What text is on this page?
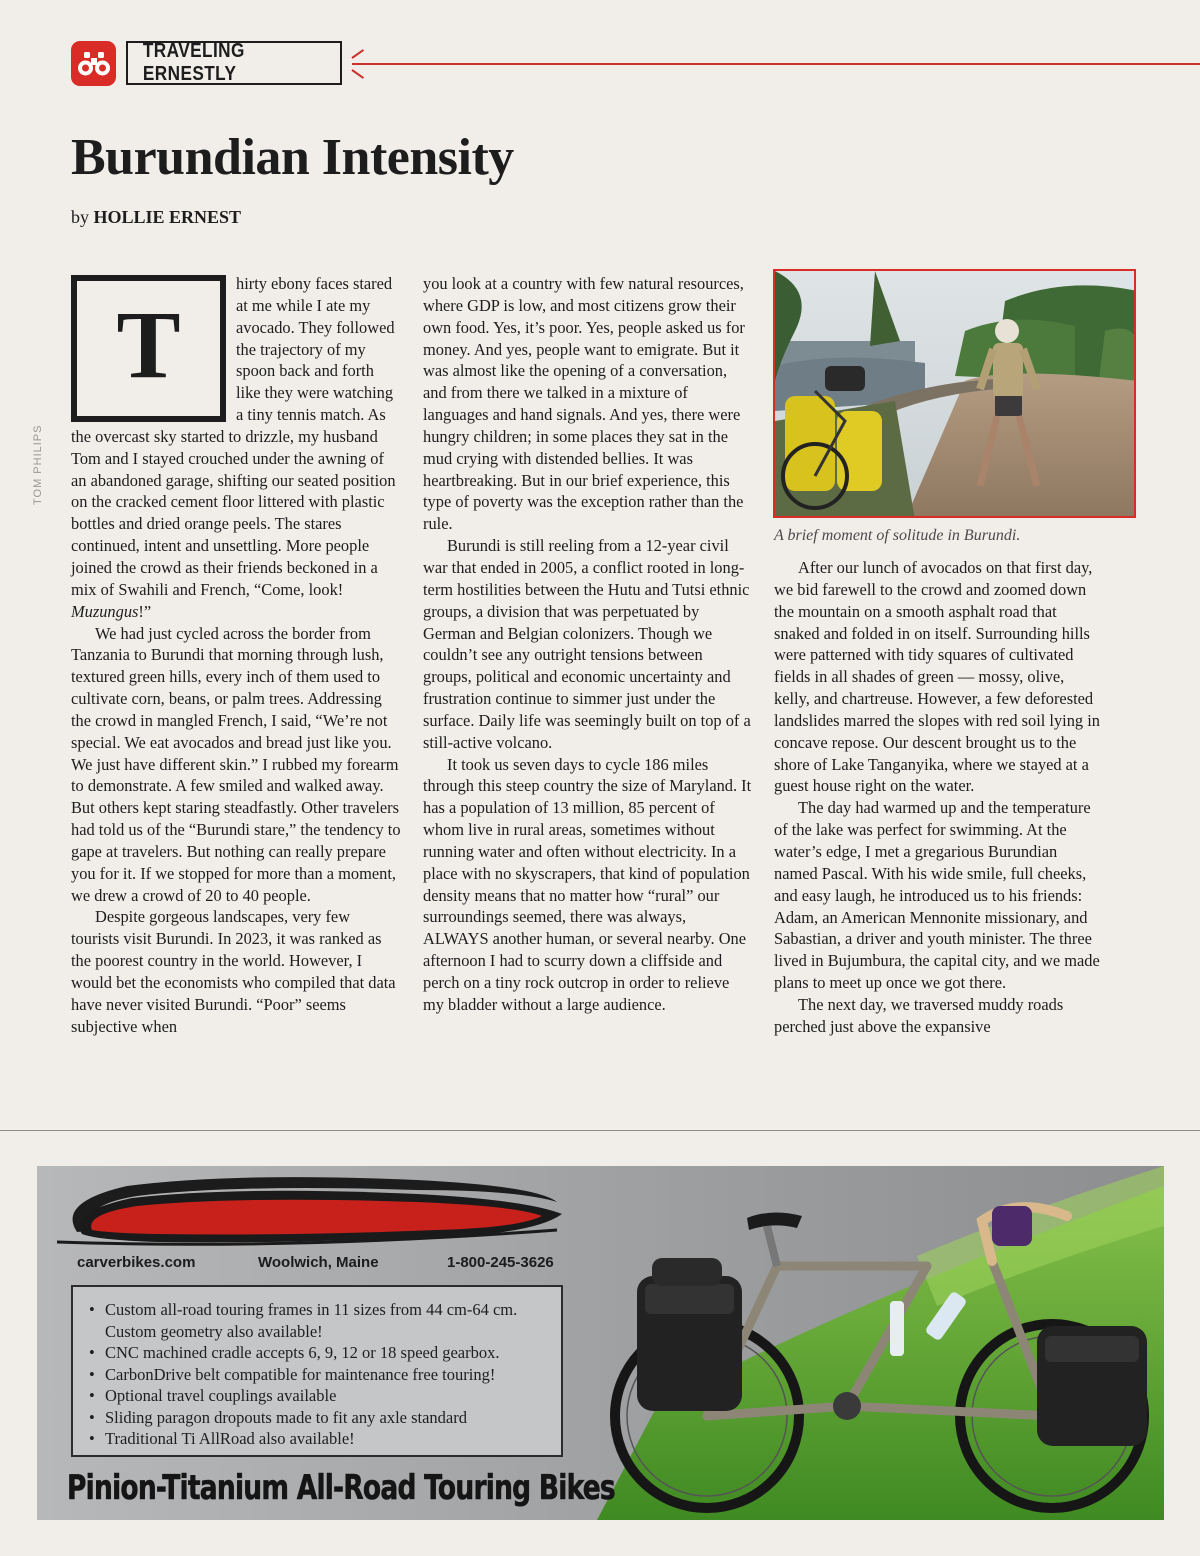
TRAVELING ERNESTLY
Burundian Intensity
by HOLLIE ERNEST
TOM PHILIPS
T

hirty ebony faces stared at me while I ate my avocado. They followed the trajectory of my spoon back and forth like they were watching a tiny tennis match. As the overcast sky started to drizzle, my husband Tom and I stayed crouched under the awning of an abandoned garage, shifting our seated position on the cracked cement floor littered with plastic bottles and dried orange peels. The stares continued, intent and unsettling. More people joined the crowd as their friends beckoned in a mix of Swahili and French, “Come, look! Muzungus!”

We had just cycled across the border from Tanzania to Burundi that morning through lush, textured green hills, every inch of them used to cultivate corn, beans, or palm trees. Addressing the crowd in mangled French, I said, “We’re not special. We eat avocados and bread just like you. We just have different skin.” I rubbed my forearm to demonstrate. A few smiled and walked away. But others kept staring steadfastly. Other travelers had told us of the “Burundi stare,” the tendency to gape at travelers. But nothing can really prepare you for it. If we stopped for more than a moment, we drew a crowd of 20 to 40 people.

Despite gorgeous landscapes, very few tourists visit Burundi. In 2023, it was ranked as the poorest country in the world. However, I would bet the economists who compiled that data have never visited Burundi. “Poor” seems subjective when

you look at a country with few natural resources, where GDP is low, and most citizens grow their own food. Yes, it’s poor. Yes, people asked us for money. And yes, people want to emigrate. But it was almost like the opening of a conversation, and from there we talked in a mixture of languages and hand signals. And yes, there were hungry children; in some places they sat in the mud crying with distended bellies. It was heartbreaking. But in our brief experience, this type of poverty was the exception rather than the rule.

Burundi is still reeling from a 12-year civil war that ended in 2005, a conflict rooted in long-term hostilities between the Hutu and Tutsi ethnic groups, a division that was perpetuated by German and Belgian colonizers. Though we couldn’t see any outright tensions between groups, political and economic uncertainty and frustration continue to simmer just under the surface. Daily life was seemingly built on top of a still-active volcano.

It took us seven days to cycle 186 miles through this steep country the size of Maryland. It has a population of 13 million, 85 percent of whom live in rural areas, sometimes without running water and often without electricity. In a place with no skyscrapers, that kind of population density means that no matter how “rural” our surroundings seemed, there was always, ALWAYS another human, or several nearby. One afternoon I had to scurry down a cliffside and perch on a tiny rock outcrop in order to relieve my bladder without a large audience.

A brief moment of solitude in Burundi.

After our lunch of avocados on that first day, we bid farewell to the crowd and zoomed down the mountain on a smooth asphalt road that snaked and folded in on itself. Surrounding hills were patterned with tidy squares of cultivated fields in all shades of green — mossy, olive, kelly, and chartreuse. However, a few deforested landslides marred the slopes with red soil lying in concave repose. Our descent brought us to the shore of Lake Tanganyika, where we stayed at a guest house right on the water.

The day had warmed up and the temperature of the lake was perfect for swimming. At the water’s edge, I met a gregarious Burundian named Pascal. With his wide smile, full cheeks, and easy laugh, he introduced us to his friends: Adam, an American Mennonite missionary, and Sabastian, a driver and youth minister. The three lived in Bujumbura, the capital city, and we made plans to meet up once we got there.

The next day, we traversed muddy roads perched just above the expansive

carverbikes.com	Woolwich, Maine	1-800-245-3626
• Custom all-road touring frames in 11 sizes from 44 cm-64 cm. Custom geometry also available!
• CNC machined cradle accepts 6, 9, 12 or 18 speed gearbox.
• CarbonDrive belt compatible for maintenance free touring!
• Optional travel couplings available
• Sliding paragon dropouts made to fit any axle standard
• Traditional Ti AllRoad also available!
Pinion-Titanium All-Road Touring Bikes
